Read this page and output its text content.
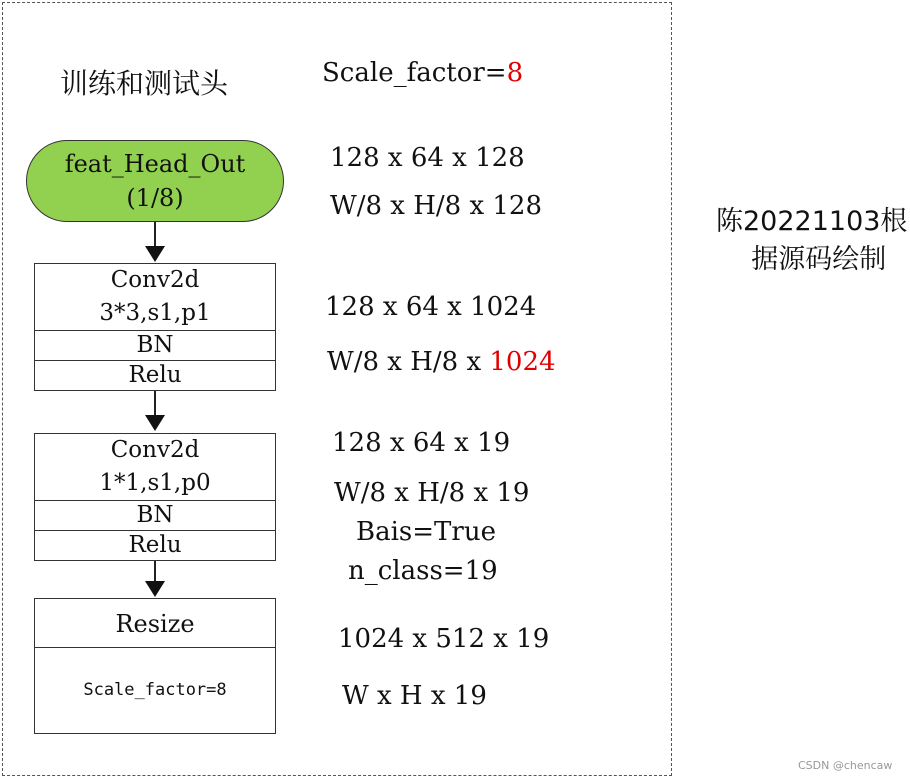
训练和测试头	Scale_factor=8
feat_Head_Out
(1/8)
128 x 64 x 128
W/8 x H/8 x 128
Conv2d
3*3,s1,p1
BN
Relu
128 x 64 x 1024
W/8 x H/8 x 1024
Conv2d
1*1,s1,p0
BN
Relu
128 x 64 x 19
W/8 x H/8 x 19
Bais=True
n_class=19
Resize
Scale_factor=8
1024 x 512 x 19
W x H x 19
陈20221103根
据源码绘制
CSDN @chencaw
